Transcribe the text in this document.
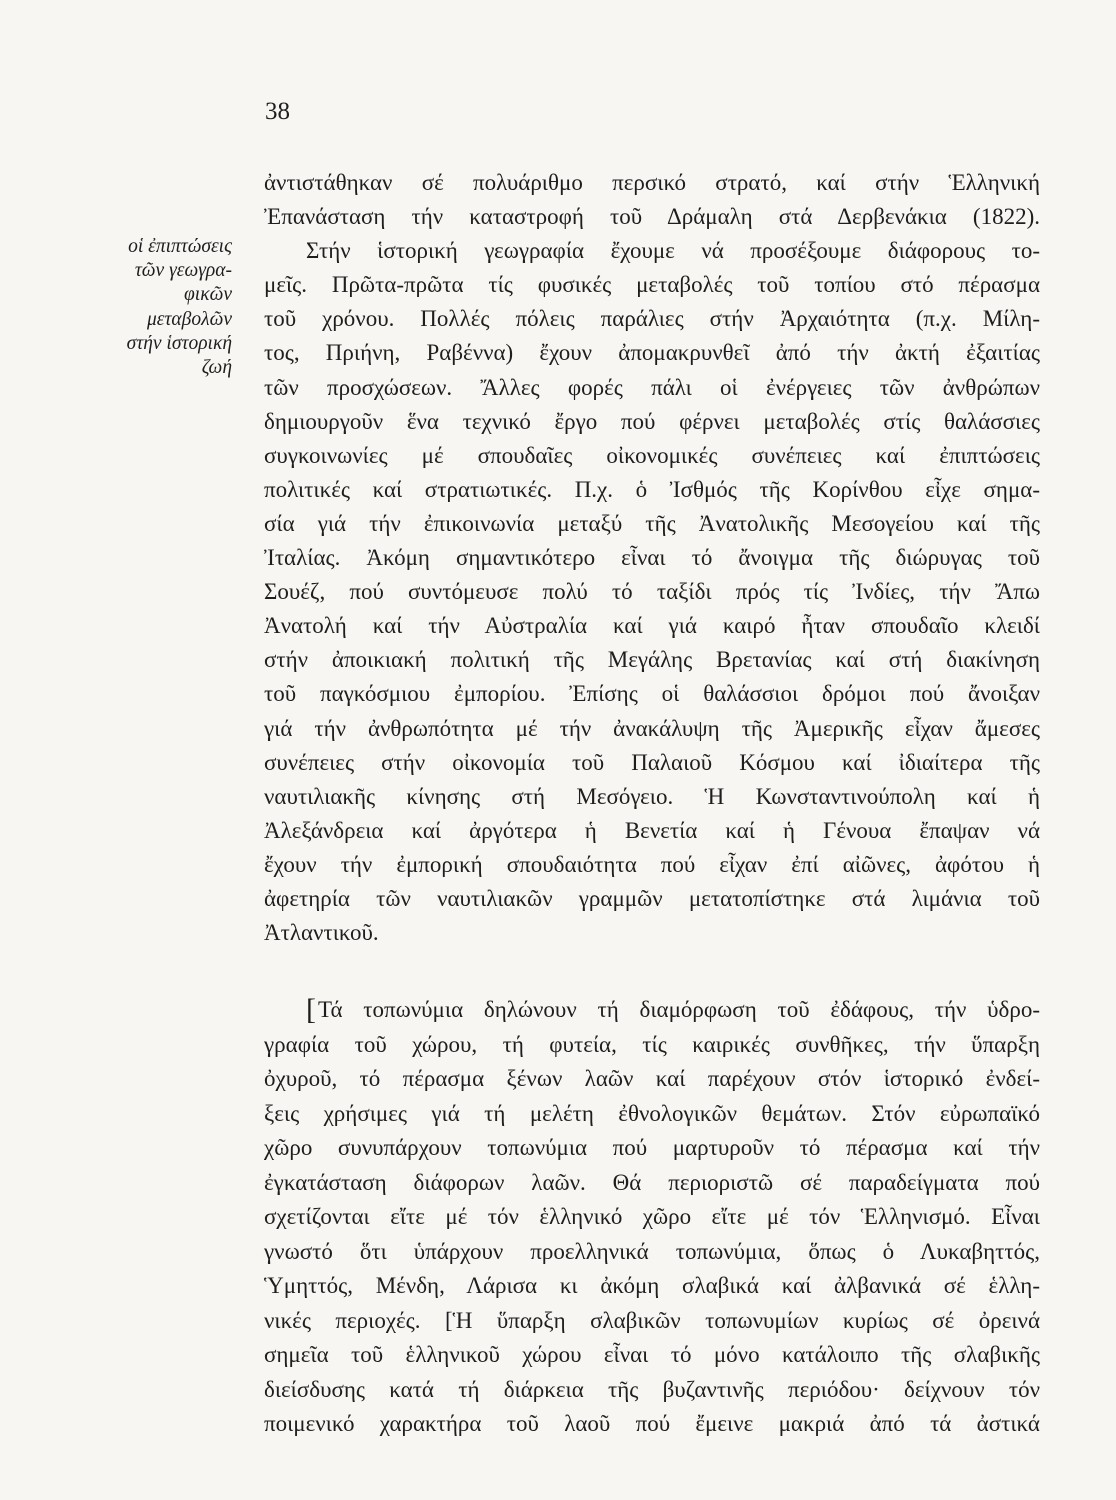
38
οἱ ἐπιπτώσεις
τῶν γεωγρα-
φικῶν
μεταβολῶν
στήν ἱστορική
ζωή
ἀντιστάθηκαν σέ πολυάριθμο περσικό στρατό, καί στήν Ἑλληνική
Ἐπανάσταση τήν καταστροφή τοῦ Δράμαλη στά Δερβενάκια (1822).
Στήν ἱστορική γεωγραφία ἔχουμε νά προσέξουμε διάφορους το-
μεῖς. Πρῶτα-πρῶτα τίς φυσικές μεταβολές τοῦ τοπίου στό πέρασμα
τοῦ χρόνου. Πολλές πόλεις παράλιες στήν Ἀρχαιότητα (π.χ. Μίλη-
τος, Πριήνη, Ραβέννα) ἔχουν ἀπομακρυνθεῖ ἀπό τήν ἀκτή ἐξαιτίας
τῶν προσχώσεων. Ἄλλες φορές πάλι οἱ ἐνέργειες τῶν ἀνθρώπων
δημιουργοῦν ἕνα τεχνικό ἔργο πού φέρνει μεταβολές στίς θαλάσσιες
συγκοινωνίες μέ σπουδαῖες οἰκονομικές συνέπειες καί ἐπιπτώσεις
πολιτικές καί στρατιωτικές. Π.χ. ὁ Ἰσθμός τῆς Κορίνθου εἶχε σημα-
σία γιά τήν ἐπικοινωνία μεταξύ τῆς Ἀνατολικῆς Μεσογείου καί τῆς
Ἰταλίας. Ἀκόμη σημαντικότερο εἶναι τό ἄνοιγμα τῆς διώρυγας τοῦ
Σουέζ, πού συντόμευσε πολύ τό ταξίδι πρός τίς Ἰνδίες, τήν Ἄπω
Ἀνατολή καί τήν Αὐστραλία καί γιά καιρό ἦταν σπουδαῖο κλειδί
στήν ἀποικιακή πολιτική τῆς Μεγάλης Βρετανίας καί στή διακίνηση
τοῦ παγκόσμιου ἐμπορίου. Ἐπίσης οἱ θαλάσσιοι δρόμοι πού ἄνοιξαν
γιά τήν ἀνθρωπότητα μέ τήν ἀνακάλυψη τῆς Ἀμερικῆς εἶχαν ἄμεσες
συνέπειες στήν οἰκονομία τοῦ Παλαιοῦ Κόσμου καί ἰδιαίτερα τῆς
ναυτιλιακῆς κίνησης στή Μεσόγειο. Ἡ Κωνσταντινούπολη καί ἡ
Ἀλεξάνδρεια καί ἀργότερα ἡ Βενετία καί ἡ Γένουα ἔπαψαν νά
ἔχουν τήν ἐμπορική σπουδαιότητα πού εἶχαν ἐπί αἰῶνες, ἀφότου ἡ
ἀφετηρία τῶν ναυτιλιακῶν γραμμῶν μετατοπίστηκε στά λιμάνια τοῦ
Ἀτλαντικοῦ.
[Τά τοπωνύμια δηλώνουν τή διαμόρφωση τοῦ ἐδάφους, τήν ὑδρο-
γραφία τοῦ χώρου, τή φυτεία, τίς καιρικές συνθῆκες, τήν ὕπαρξη
ὀχυροῦ, τό πέρασμα ξένων λαῶν καί παρέχουν στόν ἱστορικό ἐνδεί-
ξεις χρήσιμες γιά τή μελέτη ἐθνολογικῶν θεμάτων. Στόν εὐρωπαϊκό
χῶρο συνυπάρχουν τοπωνύμια πού μαρτυροῦν τό πέρασμα καί τήν
ἐγκατάσταση διάφορων λαῶν. Θά περιοριστῶ σέ παραδείγματα πού
σχετίζονται εἴτε μέ τόν ἑλληνικό χῶρο εἴτε μέ τόν Ἑλληνισμό. Εἶναι
γνωστό ὅτι ὑπάρχουν προελληνικά τοπωνύμια, ὅπως ὁ Λυκαβηττός,
Ὑμηττός, Μένδη, Λάρισα κι ἀκόμη σλαβικά καί ἀλβανικά σέ ἑλλη-
νικές περιοχές. [Ἡ ὕπαρξη σλαβικῶν τοπωνυμίων κυρίως σέ ὀρεινά
σημεῖα τοῦ ἑλληνικοῦ χώρου εἶναι τό μόνο κατάλοιπο τῆς σλαβικῆς
διείσδυσης κατά τή διάρκεια τῆς βυζαντινῆς περιόδου· δείχνουν τόν
ποιμενικό χαρακτήρα τοῦ λαοῦ πού ἔμεινε μακριά ἀπό τά ἀστικά
